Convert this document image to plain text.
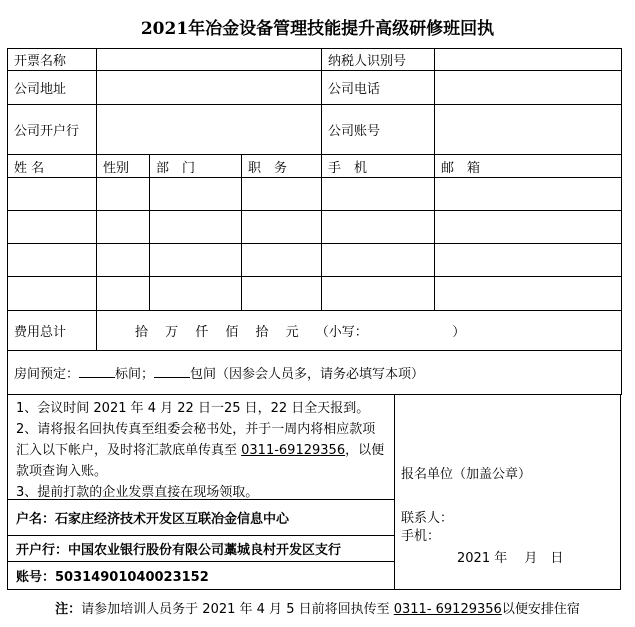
2021年冶金设备管理技能提升高级研修班回执
开票名称				纳税人识别号	
公司地址				公司电话	
公司开户行				公司账号	
姓 名	性别	部　门	职　务	手　机	邮　箱

费用总计	拾　 万　 仟　 佰　 拾　 元　 （小写：　　　　　　　）				
房间预定： 标间； 包间（因参会人员多，请务必填写本项）					
1、会议时间 2021 年 4 月 22 日一25 日，22 日全天报到。
2、请将报名回执传真至组委会秘书处，并于一周内将相应款项汇入以下帐户，及时将汇款底单传真至 0311-69129356，以便款项查询入账。
3、提前打款的企业发票直接在现场领取。
户名：石家庄经济技术开发区互联冶金信息中心
开户行：中国农业银行股份有限公司藁城良村开发区支行
账号：50314901040023152
报名单位（加盖公章）
联系人：
手机：
2021 年　 月　日
注：请参加培训人员务于 2021 年 4 月 5 日前将回执传至 0311- 69129356以便安排住宿
